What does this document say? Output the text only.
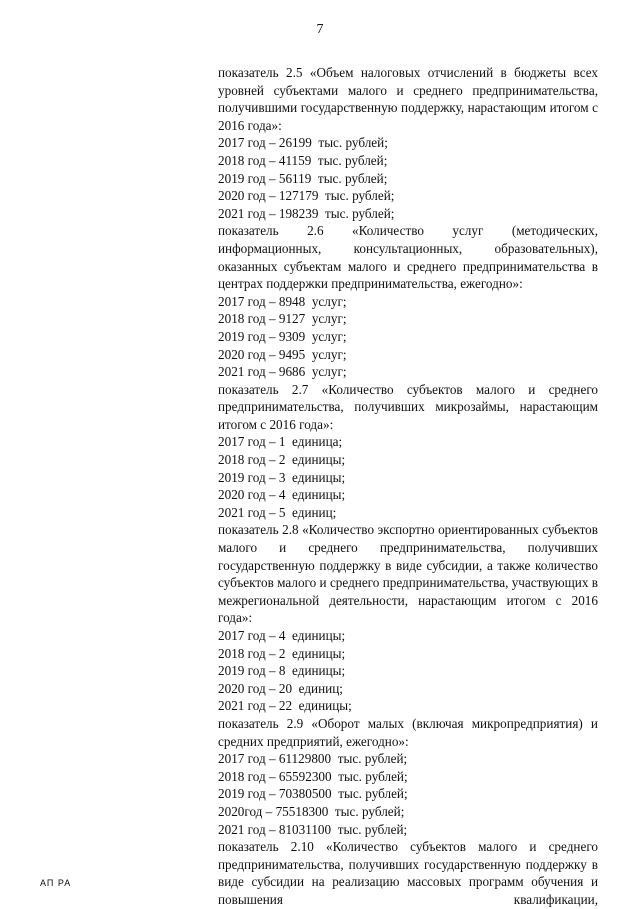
7

показатель 2.5 «Объем налоговых отчислений в бюджеты всех уровней субъектами малого и среднего предпринимательства, получившими государственную поддержку, нарастающим итогом с 2016 года»:

2017 год – 26199  тыс. рублей;
2018 год – 41159  тыс. рублей;
2019 год – 56119  тыс. рублей;
2020 год – 127179  тыс. рублей;
2021 год – 198239  тыс. рублей;

показатель 2.6 «Количество услуг (методических, информационных, консультационных, образовательных), оказанных субъектам малого и среднего предпринимательства в центрах поддержки предпринимательства, ежегодно»:

2017 год – 8948  услуг;
2018 год – 9127  услуг;
2019 год – 9309  услуг;
2020 год – 9495  услуг;
2021 год – 9686  услуг;

показатель 2.7 «Количество субъектов малого и среднего предпринимательства, получивших микрозаймы, нарастающим итогом с 2016 года»:

2017 год – 1  единица;
2018 год – 2  единицы;
2019 год – 3  единицы;
2020 год – 4  единицы;
2021 год – 5  единиц;

показатель 2.8 «Количество экспортно ориентированных субъектов малого и среднего предпринимательства, получивших государственную поддержку в виде субсидии, а также количество субъектов малого и среднего предпринимательства, участвующих в межрегиональной деятельности, нарастающим итогом с 2016 года»:

2017 год – 4  единицы;
2018 год – 2  единицы;
2019 год – 8  единицы;
2020 год – 20  единиц;
2021 год – 22  единицы;

показатель 2.9 «Оборот малых (включая микропредприятия) и средних предприятий, ежегодно»:

2017 год – 61129800  тыс. рублей;
2018 год – 65592300  тыс. рублей;
2019 год – 70380500  тыс. рублей;
2020год – 75518300  тыс. рублей;
2021 год – 81031100  тыс. рублей;

показатель 2.10 «Количество субъектов малого и среднего предпринимательства, получивших государственную поддержку в виде субсидии на реализацию массовых программ обучения и повышения квалификации,

АП РА
